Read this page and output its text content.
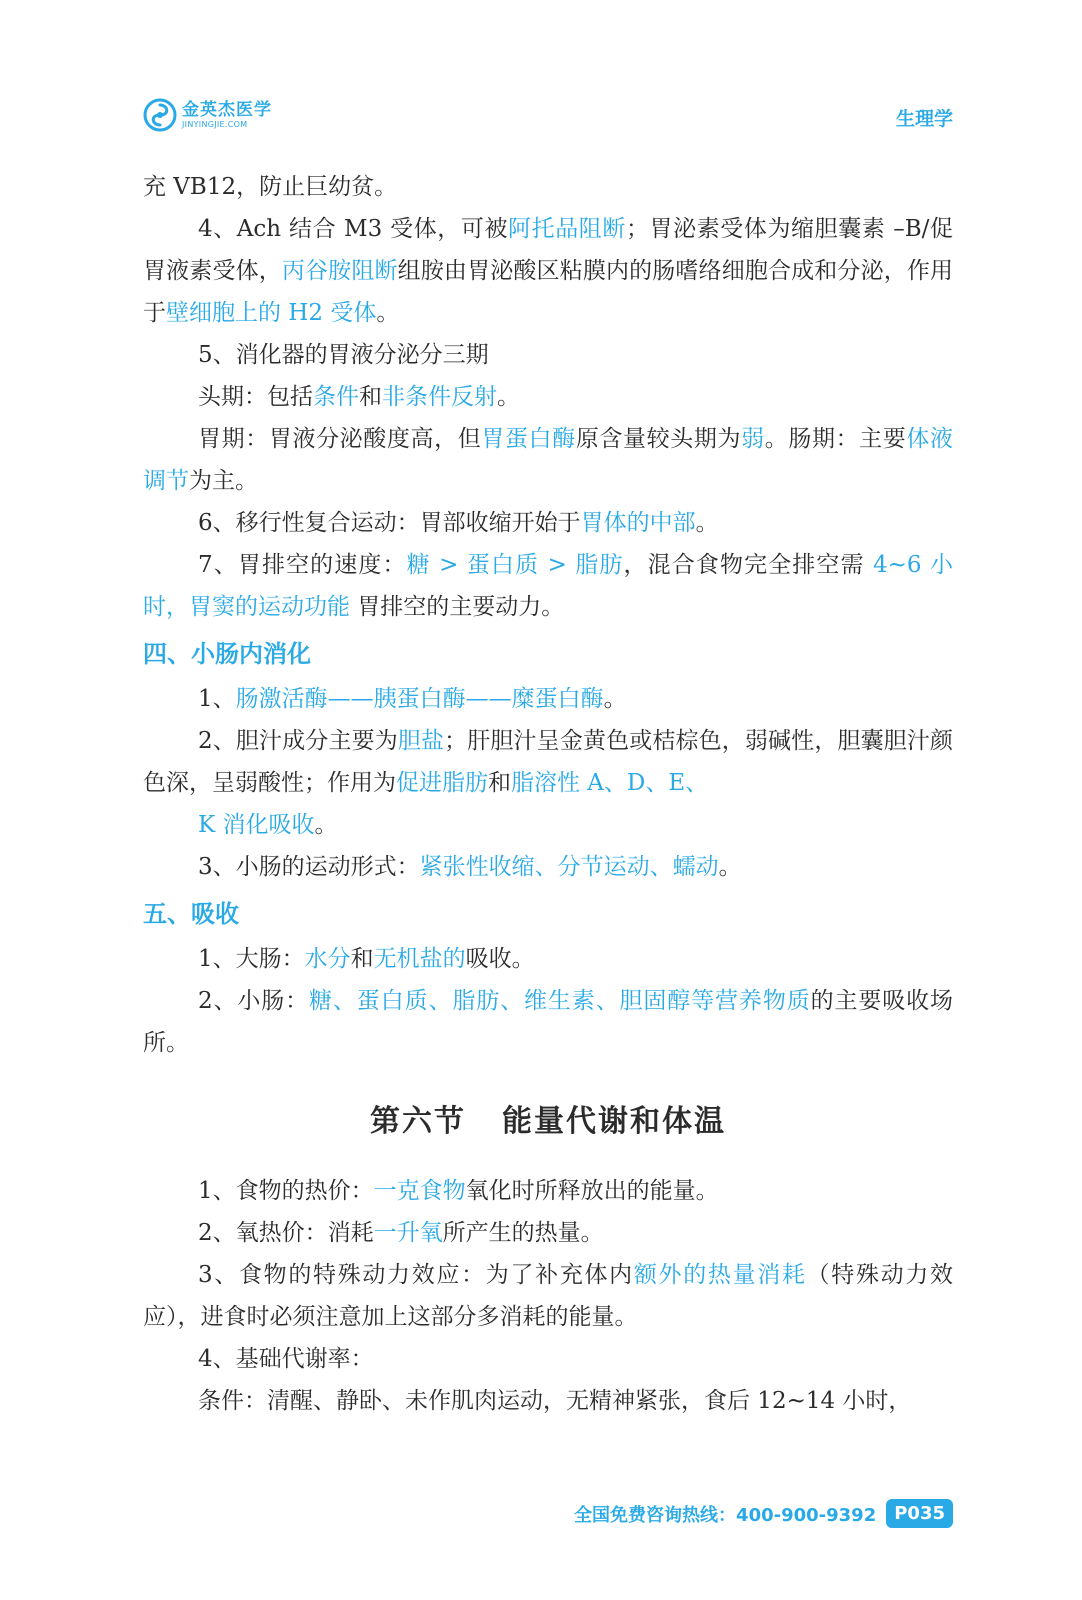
金英杰医学
JINYINGJIE.COM	生理学

充 VB12，防止巨幼贫。

4、Ach 结合 M3 受体，可被阿托品阻断；胃泌素受体为缩胆囊素 –B/促胃液素受体，丙谷胺阻断组胺由胃泌酸区粘膜内的肠嗜络细胞合成和分泌，作用于壁细胞上的 H2 受体。

5、消化器的胃液分泌分三期

头期：包括条件和非条件反射。

胃期：胃液分泌酸度高，但胃蛋白酶原含量较头期为弱。肠期：主要体液调节为主。

6、移行性复合运动：胃部收缩开始于胃体的中部。

7、胃排空的速度：糖 > 蛋白质 > 脂肪，混合食物完全排空需 4~6 小时，胃窦的运动功能 胃排空的主要动力。

四、小肠内消化

1、肠激活酶——胰蛋白酶——糜蛋白酶。

2、胆汁成分主要为胆盐；肝胆汁呈金黄色或桔棕色，弱碱性，胆囊胆汁颜色深，呈弱酸性；作用为促进脂肪和脂溶性 A、D、E、

K 消化吸收。

3、小肠的运动形式：紧张性收缩、分节运动、蠕动。

五、吸收

1、大肠：水分和无机盐的吸收。

2、小肠：糖、蛋白质、脂肪、维生素、胆固醇等营养物质的主要吸收场所。

第六节 能量代谢和体温

1、食物的热价：一克食物氧化时所释放出的能量。

2、氧热价：消耗一升氧所产生的热量。

3、食物的特殊动力效应：为了补充体内额外的热量消耗（特殊动力效应），进食时必须注意加上这部分多消耗的能量。

4、基础代谢率：

条件：清醒、静卧、未作肌肉运动，无精神紧张，食后 12~14 小时，

全国免费咨询热线：400-900-9392	P035
